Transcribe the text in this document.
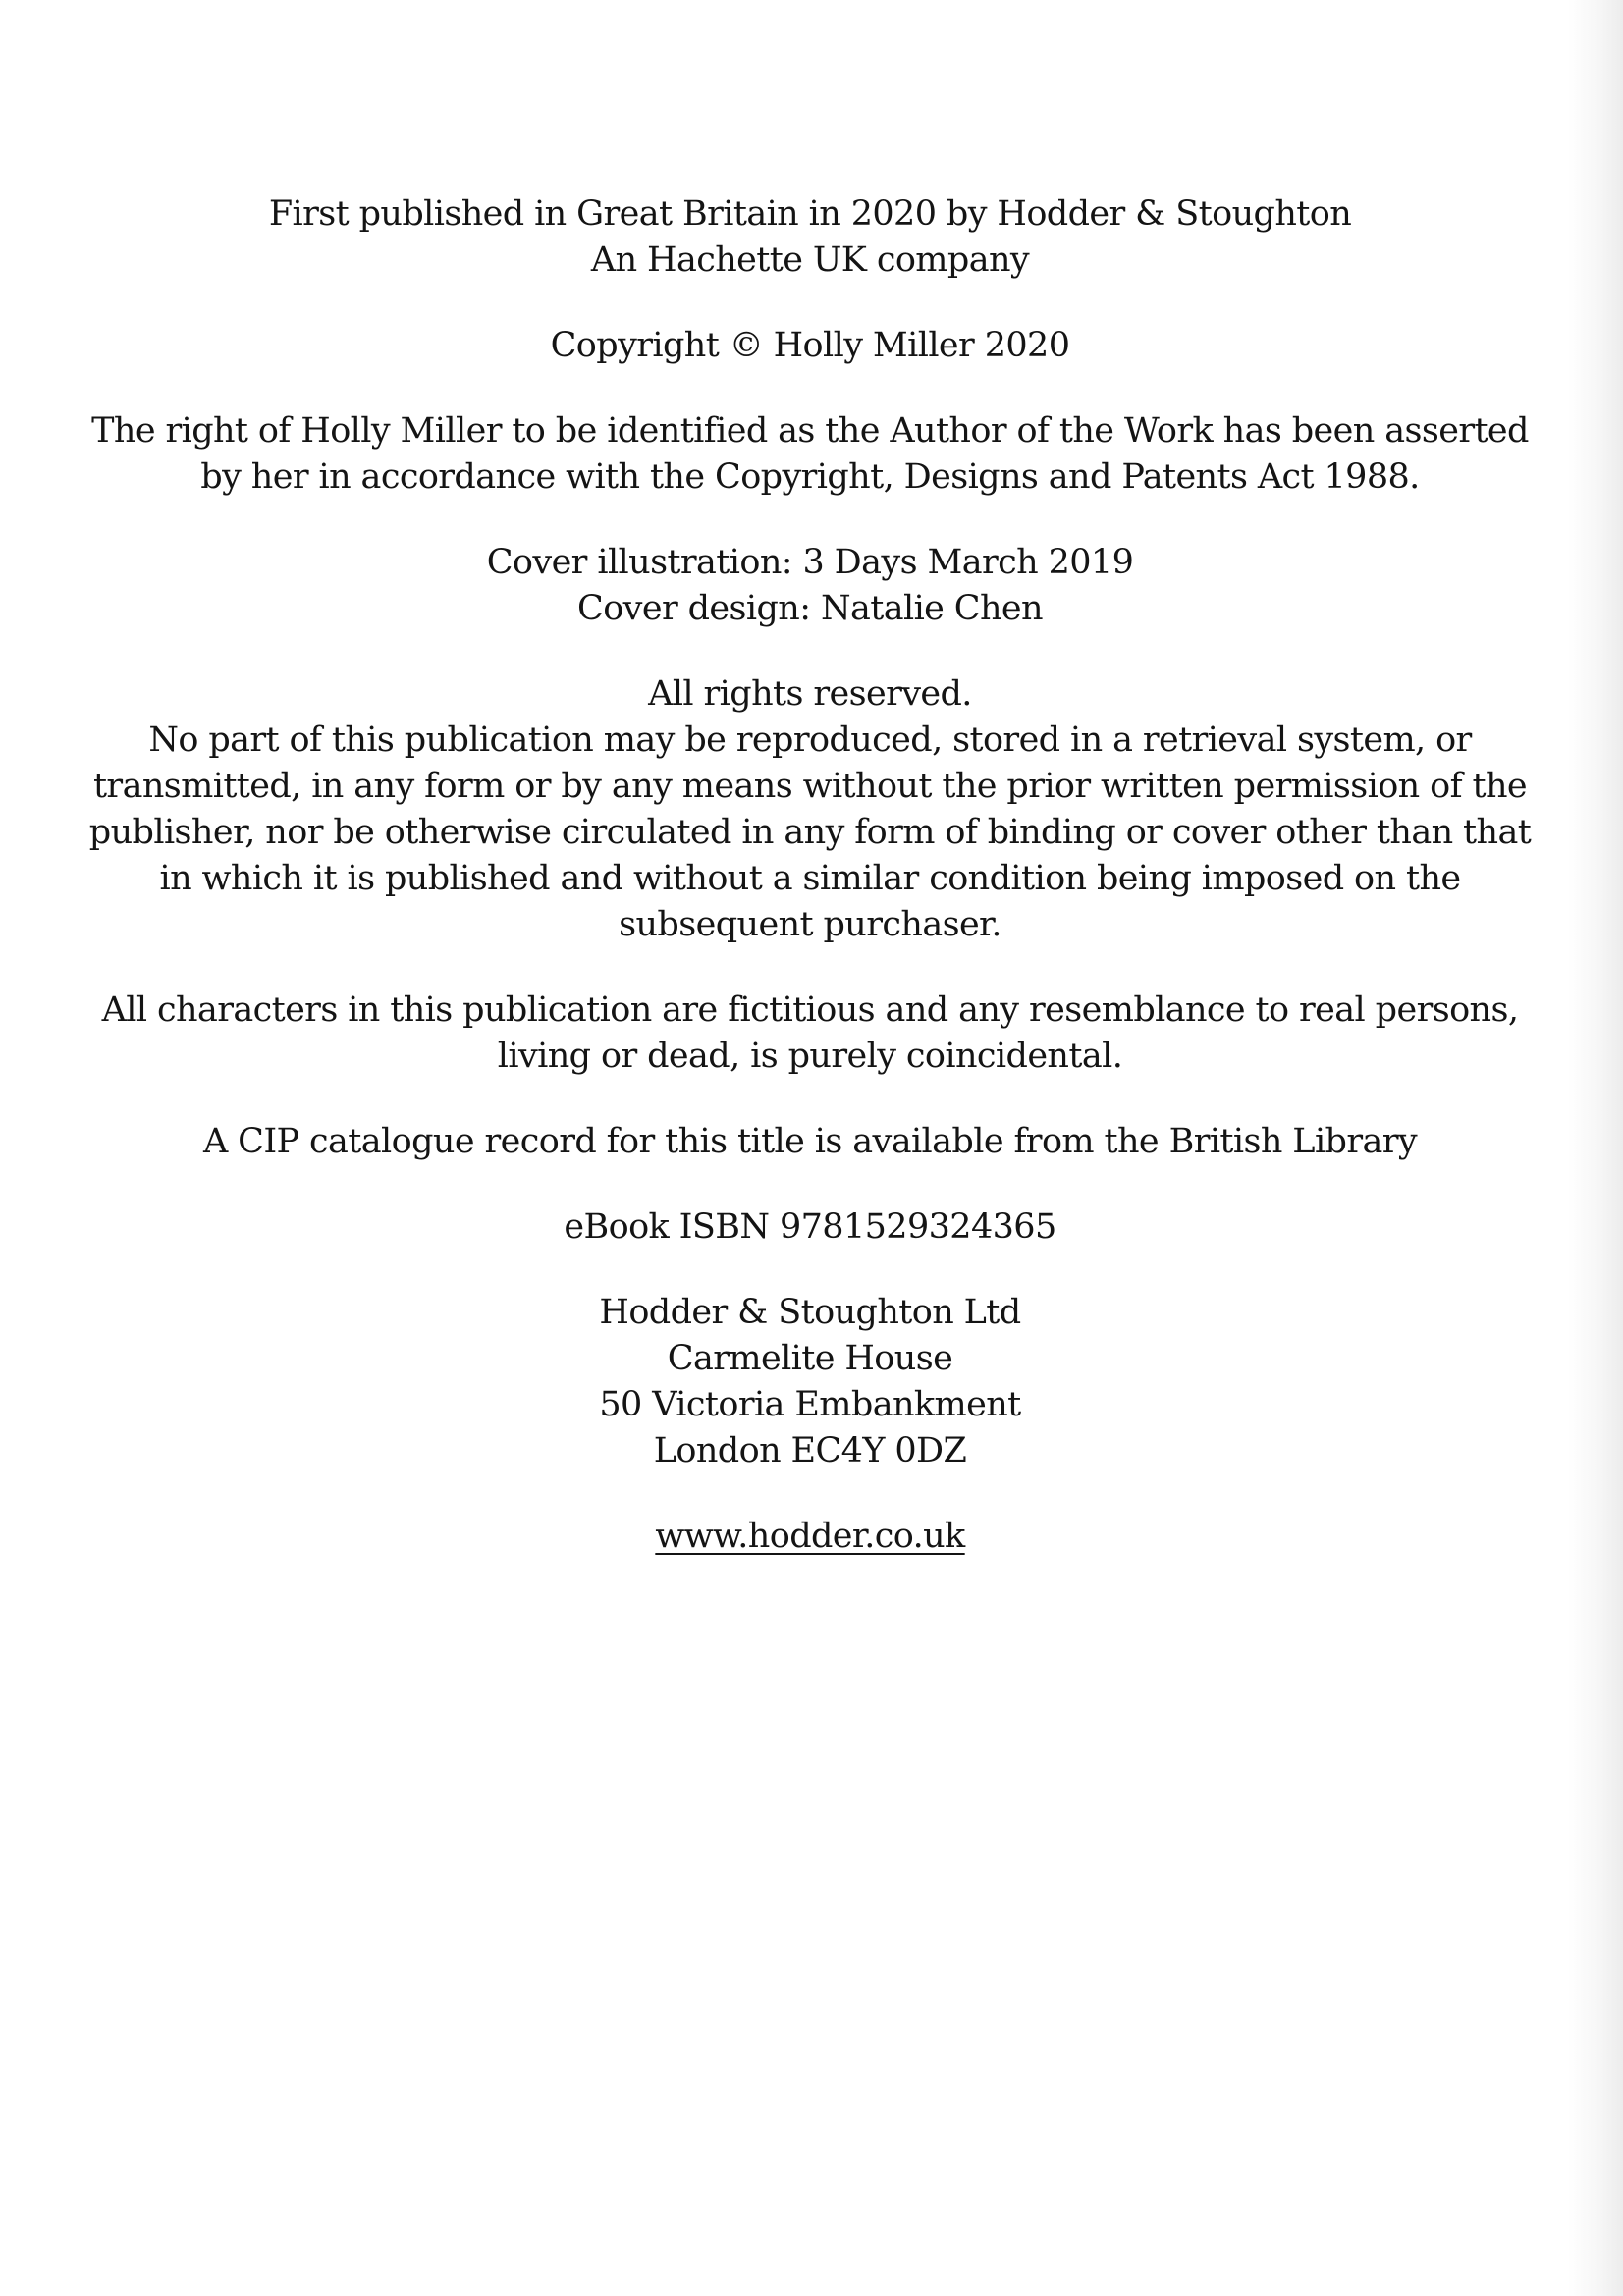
First published in Great Britain in 2020 by Hodder & Stoughton
An Hachette UK company
Copyright © Holly Miller 2020
The right of Holly Miller to be identified as the Author of the Work has been asserted
by her in accordance with the Copyright, Designs and Patents Act 1988.
Cover illustration: 3 Days March 2019
Cover design: Natalie Chen
All rights reserved.
No part of this publication may be reproduced, stored in a retrieval system, or
transmitted, in any form or by any means without the prior written permission of the
publisher, nor be otherwise circulated in any form of binding or cover other than that
in which it is published and without a similar condition being imposed on the
subsequent purchaser.
All characters in this publication are fictitious and any resemblance to real persons,
living or dead, is purely coincidental.
A CIP catalogue record for this title is available from the British Library
eBook ISBN 9781529324365
Hodder & Stoughton Ltd
Carmelite House
50 Victoria Embankment
London EC4Y 0DZ
www.hodder.co.uk
